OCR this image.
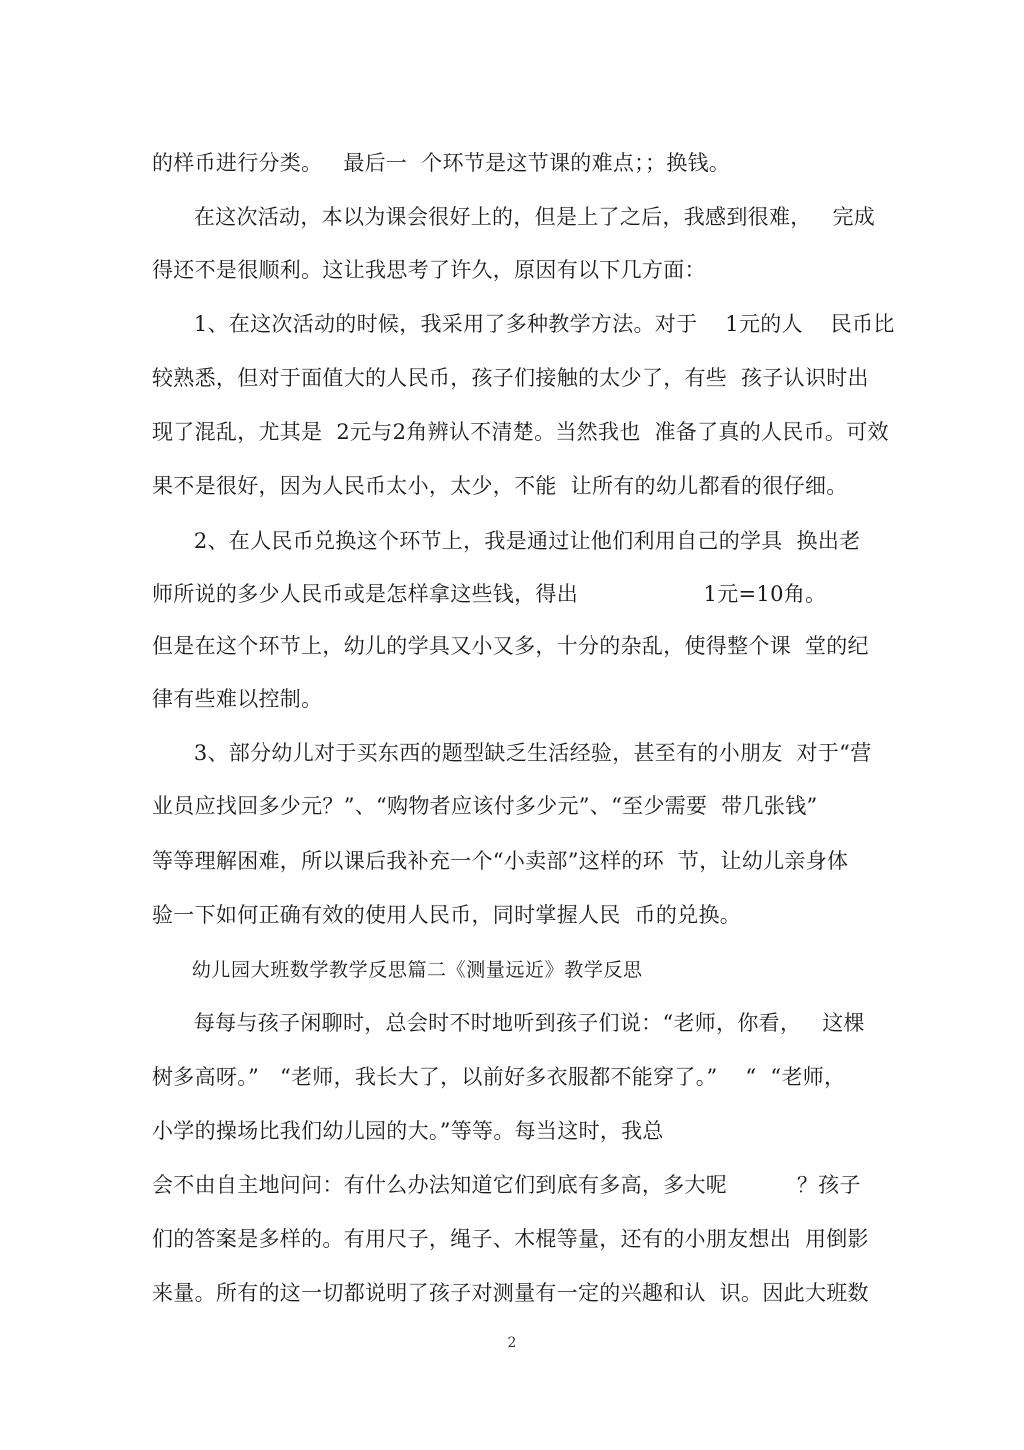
的样币进行分类。   最后一  个环节是这节课的难点；；换钱。
在这次活动，本以为课会很好上的，但是上了之后，我感到很难，   完成
得还不是很顺利。这让我思考了许久，原因有以下几方面：
1、在这次活动的时候，我采用了多种教学方法。对于    1元的人    民币比
较熟悉，但对于面值大的人民币，孩子们接触的太少了，有些  孩子认识时出
现了混乱，尤其是  2元与2角辨认不清楚。当然我也  准备了真的人民币。可效
果不是很好，因为人民币太小，太少，不能  让所有的幼儿都看的很仔细。
2、在人民币兑换这个环节上，我是通过让他们利用自己的学具  换出老
师所说的多少人民币或是怎样拿这些钱，得出                  1元=10角。
但是在这个环节上，幼儿的学具又小又多，十分的杂乱，使得整个课  堂的纪
律有些难以控制。
3、部分幼儿对于买东西的题型缺乏生活经验，甚至有的小朋友  对于“营
业员应找回多少元？”、“购物者应该付多少元”、“至少需要  带几张钱”
等等理解困难，所以课后我补充一个“小卖部”这样的环  节，让幼儿亲身体
验一下如何正确有效的使用人民币，同时掌握人民  币的兑换。
幼儿园大班数学教学反思篇二《测量远近》教学反思
每每与孩子闲聊时，总会时不时地听到孩子们说：“老师，你看，   这棵
树多高呀。”   “老师，我长大了，以前好多衣服都不能穿了。”    “  “老师，
小学的操场比我们幼儿园的大。”等等。每当这时，我总
会不由自主地问问：有什么办法知道它们到底有多高，多大呢          ？孩子
们的答案是多样的。有用尺子，绳子、木棍等量，还有的小朋友想出  用倒影
来量。所有的这一切都说明了孩子对测量有一定的兴趣和认  识。因此大班数
2
